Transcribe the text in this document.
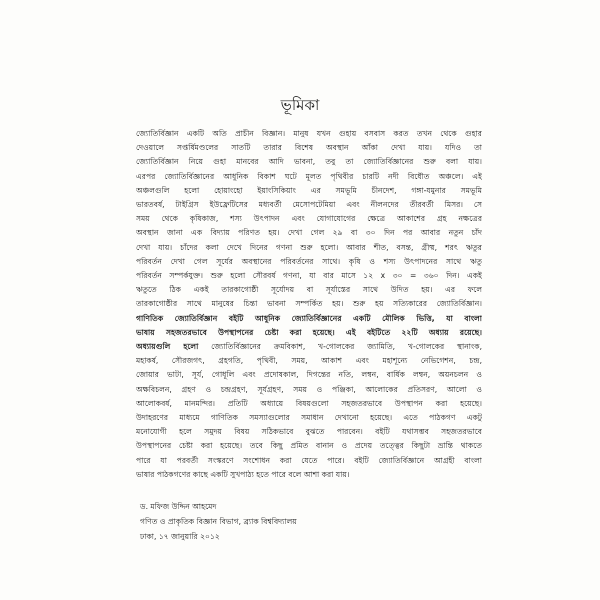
ভূমিকা
জ্যোতির্বিজ্ঞান একটি অতি প্রাচীন বিজ্ঞান। মানুষ যখন গুহায় বসবাস করত তখন থেকে গুহার
দেওয়ালে সপ্তর্ষিমণ্ডলের সাতটি তারার বিশেষ অবস্থান আঁকা দেখা যায়। যদিও তা
জ্যোতির্বিজ্ঞান নিয়ে গুহা মানবের আদি ভাবনা, তবু তা জ্যোতির্বিজ্ঞানের শুরু বলা যায়।
এরপর জ্যোতির্বিজ্ঞানের আধুনিক বিকাশ ঘটে মূলত পৃথিবীর চারটি নদী বিধৌত অঞ্চলে। এই
অঞ্চলগুলি হলো হোয়াংহো ইয়াংসিকিয়াং এর সমভূমি চীনদেশ, গঙ্গা-যমুনার সমভূমি
ভারতবর্ষ, টাইগ্রিস ইউফ্রেটিসের মধ্যবর্তী মেসোপটেমিয়া এবং নীলনদের তীরবর্তী মিসর। সে
সময় থেকে কৃষিকাজ, শস্য উৎপাদন এবং যোগাযোগের ক্ষেত্রে আকাশের গ্রহ নক্ষত্রের
অবস্থান জানা এক বিদ্যায় পরিণত হয়। দেখা গেল ২৯ বা ৩০ দিন পর আবার নতুন চাঁদ
দেখা যায়। চাঁদের কলা দেখে দিনের গণনা শুরু হলো। আবার শীত, বসন্ত, গ্রীষ্ম, শরৎ ঋতুর
পরিবর্তন দেখা গেল সূর্যের অবস্থানের পরিবর্তনের সাথে। কৃষি ও শস্য উৎপাদনের সাথে ঋতু
পরিবর্তন সম্পর্কযুক্ত। শুরু হলো সৌরবর্ষ গণনা, যা বার মাসে ১২ x ৩০ = ৩৬০ দিন। একই
ঋতুতে ঠিক একই তারকাগোষ্ঠী সূর্যোদয় বা সূর্যাস্তের সাথে উদিত হয়। এর ফলে
তারকাগোষ্ঠীর সাথে মানুষের চিন্তা ভাবনা সম্পর্কিত হয়। শুরু হয় সত্যিকারের জ্যোতির্বিজ্ঞান।
গাণিতিক জ্যোতির্বিজ্ঞান বইটি আধুনিক জ্যোতির্বিজ্ঞানের একটি মৌলিক ভিত্তি, যা বাংলা
ভাষায় সহজতরভাবে উপস্থাপনের চেষ্টা করা হয়েছে। এই বইটিতে ২২টি অধ্যায় রয়েছে।
অধ্যায়গুলি হলো জ্যোতির্বিজ্ঞানের ক্রমবিকাশ, খ-গোলকের জ্যামিতি, খ-গোলকের স্থানাংক,
মহাকর্ষ, সৌরজগৎ, গ্রহগতি, পৃথিবী, সময়, আকাশ এবং মহাশূন্যে নেভিগেশন, চন্দ্র,
জোয়ার ভাটা, সূর্য, গোধূলি এবং প্রদোষকাল, দিগন্তের নতি, লম্বন, বার্ষিক লম্বন, অয়নচলন ও
অক্ষবিচলন, গ্রহণ ও চন্দ্রগ্রহণ, সূর্যগ্রহণ, সময় ও পঞ্জিকা, আলোকের প্রতিসরণ, আলো ও
আলোকবর্ষ, মানমন্দির। প্রতিটি অধ্যায়ে বিষয়গুলো সহজতরভাবে উপস্থাপন করা হয়েছে।
উদাহরণের মাধ্যমে গাণিতিক সমস্যাগুলোর সমাধান দেখানো হয়েছে। এতে পাঠকগণ একটু
মনোযোগী হলে সমুদয় বিষয় সঠিকভাবে বুঝতে পারবেন। বইটি যথাসম্ভব সহজতরভাবে
উপস্থাপনের চেষ্টা করা হয়েছে। তবে কিছু প্রমিত বানান ও প্রদেয় তত্ত্বের কিছুটা ভ্রান্তি থাকতে
পারে যা পরবর্তী সংস্করণে সংশোধন করা যেতে পারে। বইটি জ্যোতির্বিজ্ঞানে আগ্রহী বাংলা
ভাষার পাঠকগণের কাছে একটি সুখপাঠ্য হতে পারে বলে আশা করা যায়।
ড. মফিজ উদ্দিন আহমেদ
গণিত ও প্রাকৃতিক বিজ্ঞান বিভাগ, ব্র্যাক বিশ্ববিদ্যালয়
ঢাকা, ১৭ জানুয়ারি ২০১২
